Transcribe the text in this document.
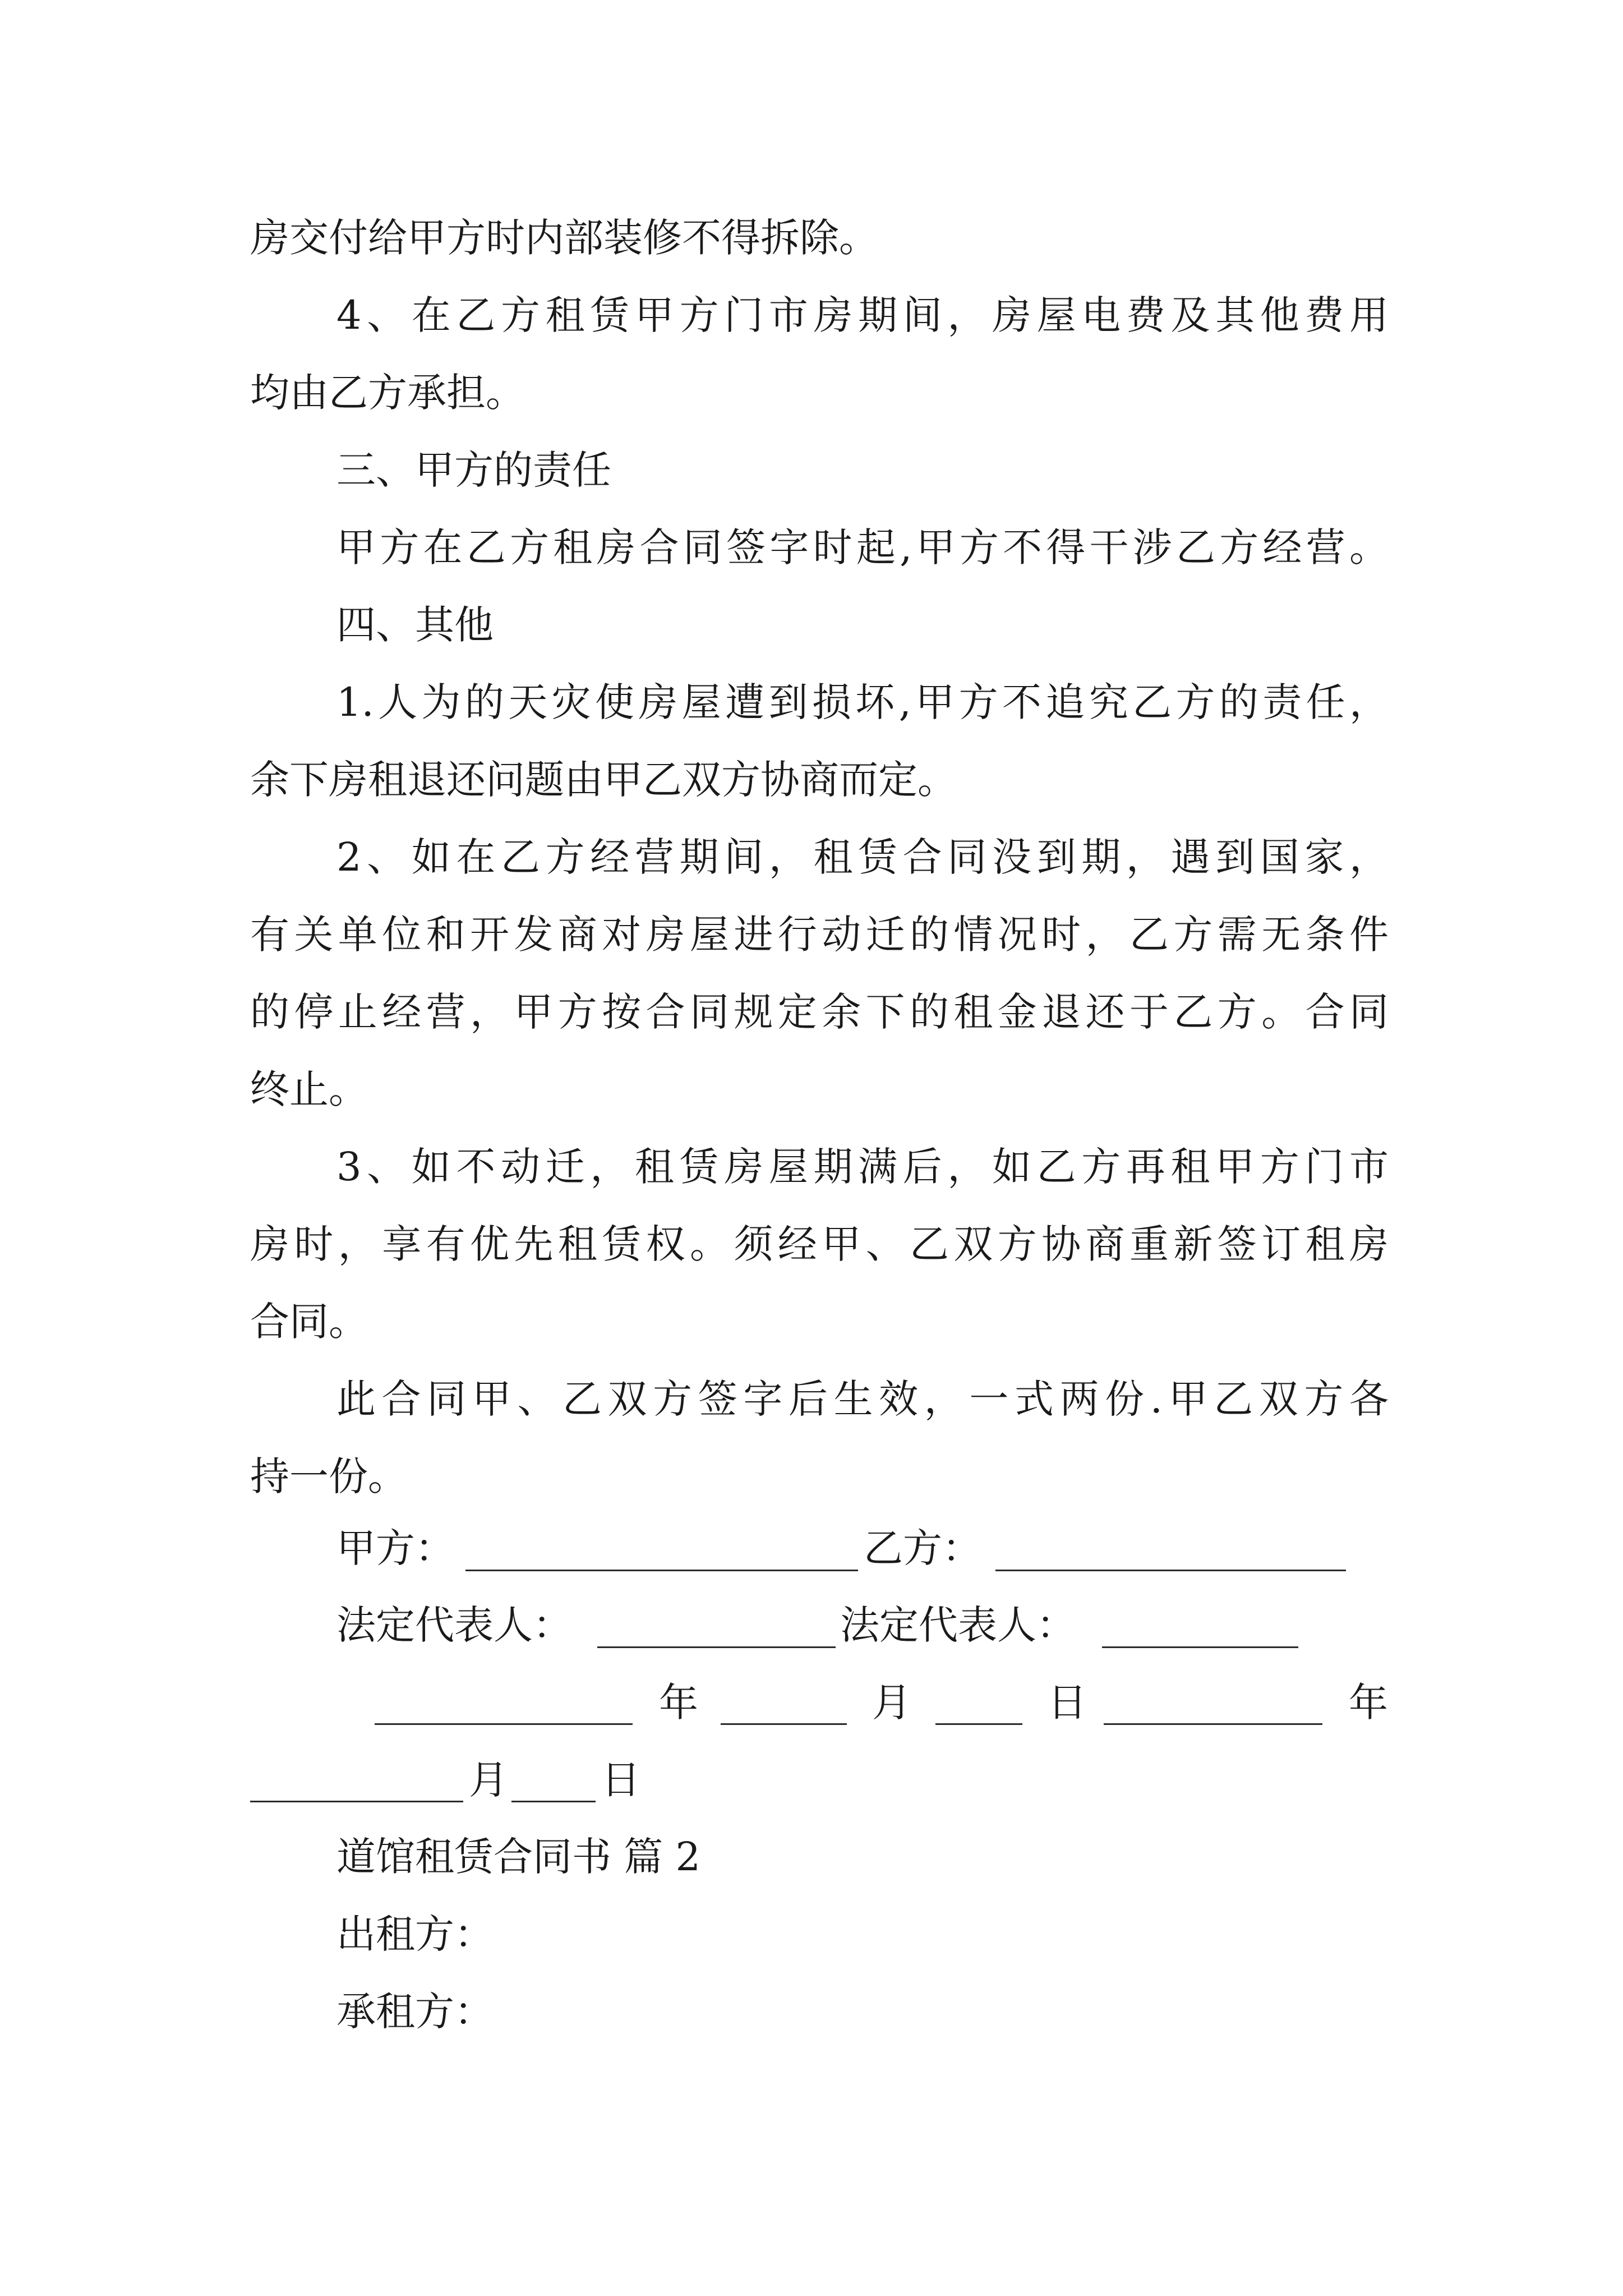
房交付给甲方时内部装修不得拆除。
4、在乙方租赁甲方门市房期间，房屋电费及其他费用
均由乙方承担。
三、甲方的责任
甲方在乙方租房合同签字时起,甲方不得干涉乙方经营。
四、其他
1.人为的天灾使房屋遭到损坏,甲方不追究乙方的责任，
余下房租退还问题由甲乙双方协商而定。
2、如在乙方经营期间，租赁合同没到期，遇到国家，
有关单位和开发商对房屋进行动迁的情况时，乙方需无条件
的停止经营，甲方按合同规定余下的租金退还于乙方。合同
终止。
3、如不动迁，租赁房屋期满后，如乙方再租甲方门市
房时，享有优先租赁权。须经甲、乙双方协商重新签订租房
合同。
此合同甲、乙双方签字后生效，一式两份.甲乙双方各
持一份。
甲方：	乙方：
法定代表人：	法定代表人：
年	月	日	年
月 日
道馆租赁合同书 篇 2
出租方：
承租方：
